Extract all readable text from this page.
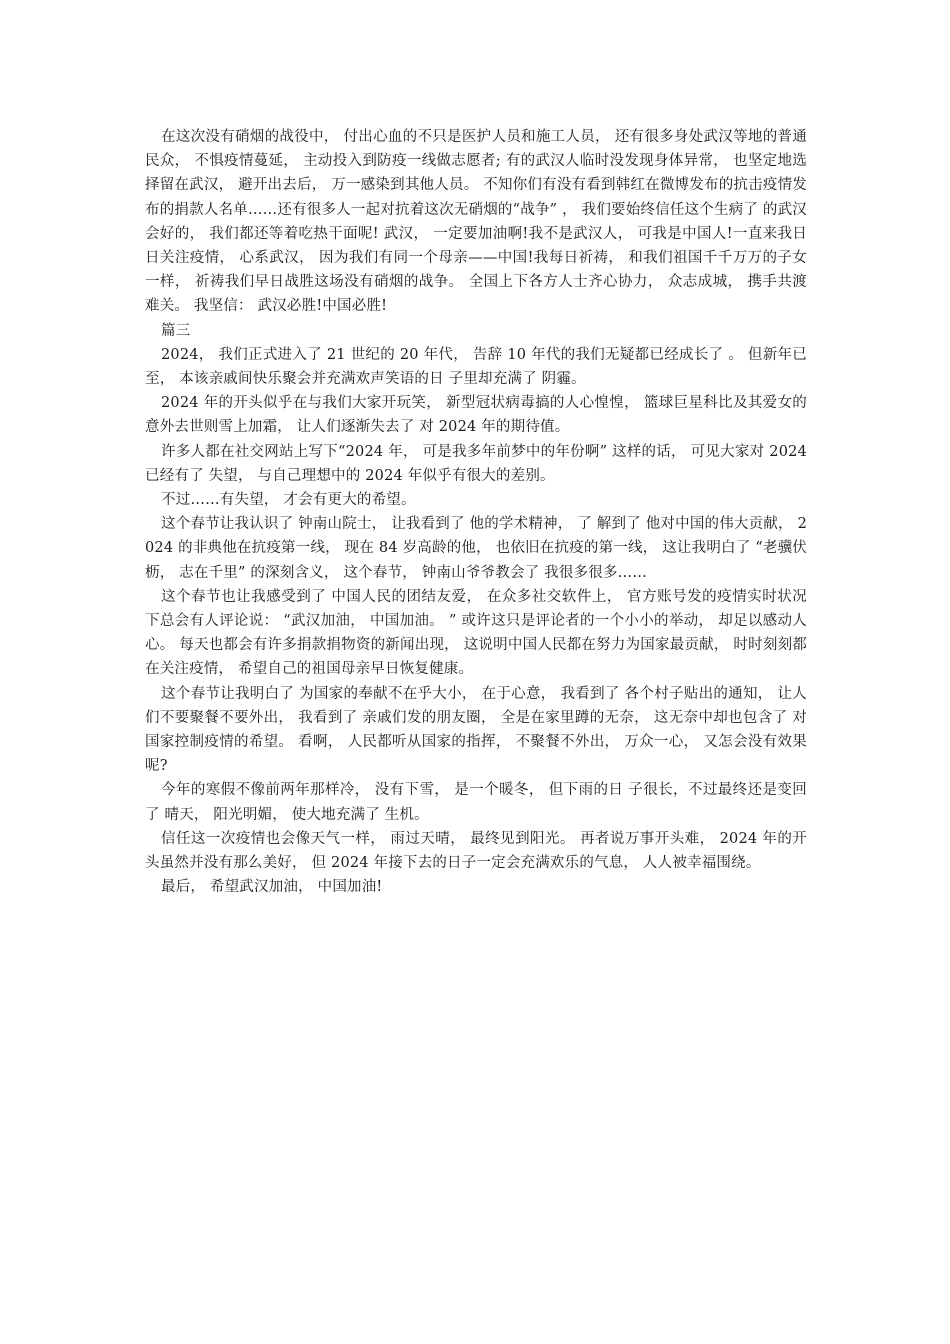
在这次没有硝烟的战役中， 付出心血的不只是医护人员和施工人员， 还有很多身处武汉等地的普通民众， 不惧疫情蔓延， 主动投入到防疫一线做志愿者; 有的武汉人临时没发现身体异常， 也坚定地选择留在武汉， 避开出去后， 万一感染到其他人员。 不知你们有没有看到韩红在微博发布的抗击疫情发布的捐款人名单……还有很多人一起对抗着这次无硝烟的“战争” ， 我们要始终信任这个生病了 的武汉会好的， 我们都还等着吃热干面呢! 武汉， 一定要加油啊!我不是武汉人， 可我是中国人!一直来我日日关注疫情， 心系武汉， 因为我们有同一个母亲——中国!我每日祈祷， 和我们祖国千千万万的子女一样， 祈祷我们早日战胜这场没有硝烟的战争。 全国上下各方人士齐心协力， 众志成城， 携手共渡难关。 我坚信： 武汉必胜!中国必胜!

篇三

2024， 我们正式进入了 21 世纪的 20 年代， 告辞 10 年代的我们无疑都已经成长了 。 但新年已至， 本该亲戚间快乐聚会并充满欢声笑语的日 子里却充满了 阴霾。

2024 年的开头似乎在与我们大家开玩笑， 新型冠状病毒搞的人心惶惶， 篮球巨星科比及其爱女的意外去世则雪上加霜， 让人们逐渐失去了 对 2024 年的期待值。

许多人都在社交网站上写下“2024 年， 可是我多年前梦中的年份啊” 这样的话， 可见大家对 2024 已经有了 失望， 与自己理想中的 2024 年似乎有很大的差别。

不过……有失望， 才会有更大的希望。

这个春节让我认识了 钟南山院士， 让我看到了 他的学术精神， 了 解到了 他对中国的伟大贡献， 2024 的非典他在抗疫第一线， 现在 84 岁高龄的他， 也依旧在抗疫的第一线， 这让我明白了 “老骥伏枥， 志在千里” 的深刻含义， 这个春节， 钟南山爷爷教会了 我很多很多……

这个春节也让我感受到了 中国人民的团结友爱， 在众多社交软件上， 官方账号发的疫情实时状况下总会有人评论说： “武汉加油， 中国加油。 ” 或许这只是评论者的一个小小的举动， 却足以感动人心。 每天也都会有许多捐款捐物资的新闻出现， 这说明中国人民都在努力为国家最贡献， 时时刻刻都在关注疫情， 希望自己的祖国母亲早日恢复健康。

这个春节让我明白了 为国家的奉献不在乎大小， 在于心意， 我看到了 各个村子贴出的通知， 让人们不要聚餐不要外出， 我看到了 亲戚们发的朋友圈， 全是在家里蹲的无奈， 这无奈中却也包含了 对国家控制疫情的希望。 看啊， 人民都听从国家的指挥， 不聚餐不外出， 万众一心， 又怎会没有效果呢?

今年的寒假不像前两年那样冷， 没有下雪， 是一个暖冬， 但下雨的日 子很长，不过最终还是变回了 晴天， 阳光明媚， 使大地充满了 生机。

信任这一次疫情也会像天气一样， 雨过天晴， 最终见到阳光。 再者说万事开头难， 2024 年的开头虽然并没有那么美好， 但 2024 年接下去的日子一定会充满欢乐的气息， 人人被幸福围绕。

最后， 希望武汉加油， 中国加油!
